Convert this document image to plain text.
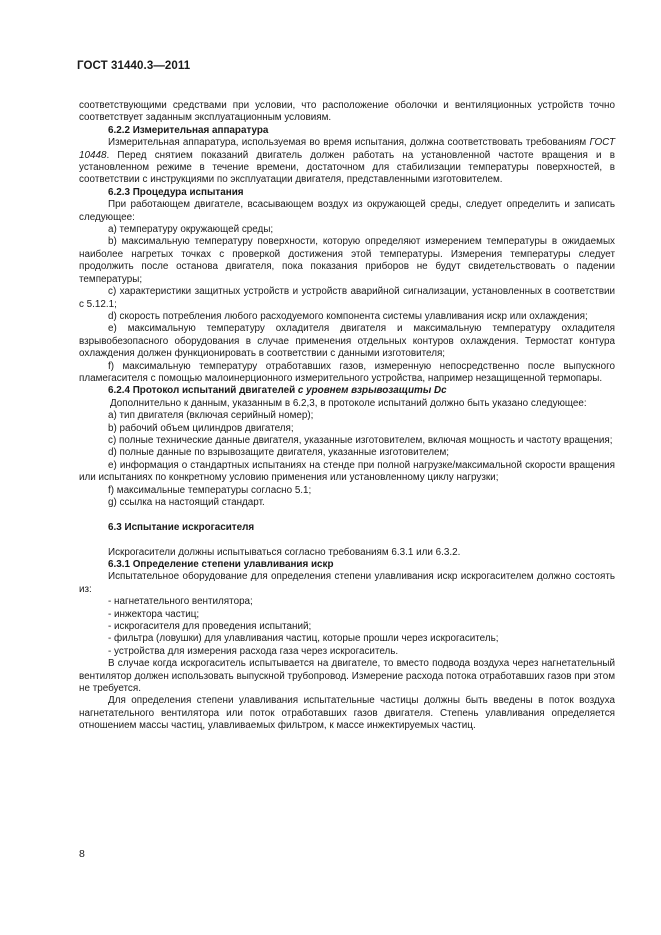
ГОСТ 31440.3—2011

соответствующими средствами при условии, что расположение оболочки и вентиляционных устройств точно соответствует заданным эксплуатационным условиям.

6.2.2 Измерительная аппаратура

Измерительная аппаратура, используемая во время испытания, должна соответствовать требованиям ГОСТ 10448. Перед снятием показаний двигатель должен работать на установленной частоте вращения и в установленном режиме в течение времени, достаточном для стабилизации температуры поверхностей, в соответствии с инструкциями по эксплуатации двигателя, представленными изготовителем.

6.2.3 Процедура испытания

При работающем двигателе, всасывающем воздух из окружающей среды, следует определить и записать следующее:

a) температуру окружающей среды;

b) максимальную температуру поверхности, которую определяют измерением температуры в ожидаемых наиболее нагретых точках с проверкой достижения этой температуры. Измерения температуры следует продолжить после останова двигателя, пока показания приборов не будут свидетельствовать о падении температуры;

c) характеристики защитных устройств и устройств аварийной сигнализации, установленных в соответствии с 5.12.1;

d) скорость потребления любого расходуемого компонента системы улавливания искр или охлаждения;

e) максимальную температуру охладителя двигателя и максимальную температуру охладителя взрывобезопасного оборудования в случае применения отдельных контуров охлаждения. Термостат контура охлаждения должен функционировать в соответствии с данными изготовителя;

f) максимальную температуру отработавших газов, измеренную непосредственно после выпускного пламегасителя с помощью малоинерционного измерительного устройства, например незащищенной термопары.

6.2.4 Протокол испытаний двигателей с уровнем взрывозащиты Dc

Дополнительно к данным, указанным в 6.2,3, в протоколе испытаний должно быть указано следующее:

a) тип двигателя (включая серийный номер);

b) рабочий объем цилиндров двигателя;

c) полные технические данные двигателя, указанные изготовителем, включая мощность и частоту вращения;

d) полные данные по взрывозащите двигателя, указанные изготовителем;

e) информация о стандартных испытаниях на стенде при полной нагрузке/максимальной скорости вращения или испытаниях по конкретному условию применения или установленному циклу нагрузки;

f) максимальные температуры согласно 5.1;

g) ссылка на настоящий стандарт.

6.3 Испытание искрогасителя

Искрогасители должны испытываться согласно требованиям 6.3.1 или 6.3.2.

6.3.1 Определение степени улавливания искр

Испытательное оборудование для определения степени улавливания искр искрогасителем должно состоять из:

- нагнетательного вентилятора;

- инжектора частиц;

- искрогасителя для проведения испытаний;

- фильтра (ловушки) для улавливания частиц, которые прошли через искрогаситель;

- устройства для измерения расхода газа через искрогаситель.

В случае когда искрогаситель испытывается на двигателе, то вместо подвода воздуха через нагнетательный вентилятор должен использовать выпускной трубопровод. Измерение расхода потока отработавших газов при этом не требуется.

Для определения степени улавливания испытательные частицы должны быть введены в поток воздуха нагнетательного вентилятора или поток отработавших газов двигателя. Степень улавливания определяется отношением массы частиц, улавливаемых фильтром, к массе инжектируемых частиц.

8
